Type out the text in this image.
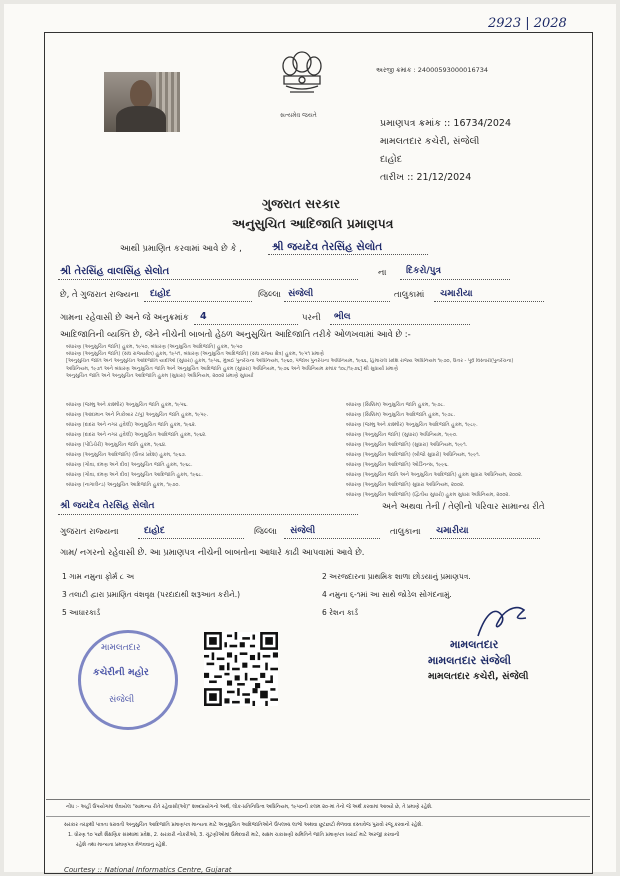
2923 | 2028
સત્યમેવ જયતે
અરજી ક્રમાંક : 24000593000016734
પ્રમાણપત્ર ક્રમાંક :: 16734/2024
મામલતદાર કચેરી, સંજેલી
દાહોદ
તારીખ :: 21/12/2024
ગુજરાત સરકાર
અનુસુચિત આદિજાતિ પ્રમાણપત્ર
આથી પ્રમાણિત કરવામાં આવે છે કે ,	શ્રી જયદેવ તેરસિંહ સેલોત
શ્રી તેરસિંહ વાલસિંહ સેલોત	ના દિકરો/પુત્ર
છે, તે ગુજરાત રાજ્યના દાહોદ	જિલ્લા સંજેલી	તાલુકામાં ચમારીયા
ગામના રહેવાસી છે અને જે અનુક્રમાંક 4	પરની ભીલ
આદિજાતિની વ્યક્તિ છે, જેને નીચેની બાબતો હેઠળ અનુસુચિત આદિજાતિ તરીકે ઓળખવામાં આવે છે :-
બંધારણ (અનુસુચિત જાતિ) હુકમ, ૧૯૫૦, બંધારણ (અનુસુચિત આદિજાતિ) હુકમ, ૧૯૫૦
બંધારણ (અનુસુચિત જાતિ) (સંઘ રાજ્યક્ષેત્ર) હુકમ, ૧૯૫૧, બંધારણ (અનુસુચિત આદિજાતિ) (સંઘ રાજ્ય ક્ષેત્ર) હુકમ, ૧૯૫૧ પ્રમાણે
[અનુસુચિત જાતિ અને અનુસુચિત આદિજાતિ યાદીઓ (સુધારા) હુકમ, ૧૯૫૬, મુંબઈ પુનર્રચના અધિનિયમ, ૧૯૬૦, પંજાબ પુનર્રચના અધિનિયમ, ૧૯૬૬, હિમાચલ પ્રદેશ રાજ્ય અધિનિયમ ૧૯૭૦, ઉત્તર - પૂર્વ વિસ્તારો(પુનર્રચના)
અધિનિયમ, ૧૯૭૧ અને બંધારણ અનુસુચિત જાતિ અને અનુસુચિત આદિજાતિ હુકમ (સુધારા) અધિનિયમ, ૧૯૭૬ અને અધિનિયમ ક્રમાંક ૧૦૮/૧૯૭૬] થી સુધાર્યા પ્રમાણે
અનુસુચિત જાતિ અને અનુસુચિત આદિજાતિ હુકમ (સુધારા) અધિનિયમ, ૨૦૦૨ પ્રમાણે સુધાર્યા
બંધારણ (જમ્મુ અને કાશ્મીર) અનુસુચિત જાતિ હુકમ, ૧૯૫૬.
બંધારણ (આંદામાન અને નિકોબાર ટાપુ) અનુસુચિત જાતિ હુકમ, ૧૯૫૯.
બંધારણ (દાદરા અને નગર હવેલી) અનુસુચિત જાતિ હુકમ, ૧૯૬૨.
બંધારણ (દાદરા અને નગર હવેલી) અનુસુચિત આદિજાતિ હુકમ, ૧૯૬૨.
બંધારણ (પોંડિચેરી) અનુસુચિત જાતિ હુકમ, ૧૯૬૪.
બંધારણ (અનુસુચિત આદિજાતિ) (ઉત્તર પ્રદેશ) હુકમ, ૧૯૬૭.
બંધારણ (ગોવા, દમણ અને દીવ) અનુસુચિત જાતિ હુકમ, ૧૯૬૮.
બંધારણ (ગોવા, દમણ અને દીવ) અનુસુચિત આદિજાતિ હુકમ, ૧૯૬૮.
બંધારણ (નાગાલેન્ડ) અનુસુચિત આદિજાતિ હુકમ, ૧૯૭૦.
બંધારણ (સિક્કિમ) અનુસુચિત જાતિ હુકમ, ૧૯૭૮.
બંધારણ (સિક્કિમ) અનુસુચિત આદિજાતિ હુકમ, ૧૯૭૮.
બંધારણ (જમ્મુ અને કાશ્મીર) અનુસુચિત આદિજાતિ હુકમ, ૧૯૮૯.
બંધારણ (અનુસુચિત જાતિ) (સુધારા) અધિનિયમ, ૧૯૯૦.
બંધારણ (અનુસુચિત આદિજાતિ) (સુધારા) અધિનિયમ, ૧૯૯૧.
બંધારણ (અનુસુચિત આદિજાતિ) (બીજો સુધારો) અધિનિયમ, ૧૯૯૧.
બંધારણ (અનુસુચિત આદિજાતિ) ઓર્ડિનન્સ, ૧૯૯૬.
બંધારણ (અનુસુચિત જાતિ અને અનુસુચિત આદિજાતિ) હુકમ સુધારા અધિનિયમ, ૨૦૦૨.
બંધારણ (અનુસુચિત આદિજાતિ) સુધારા અધિનિયમ, ૨૦૦૨.
બંધારણ (અનુસુચિત આદિજાતિ) (દ્વિતીય સુધારો) હુકમ સુધારા અધિનિયમ, ૨૦૦૨.
શ્રી જયદેવ તેરસિંહ સેલોત	અને અથવા તેની / તેણીનો પરિવાર સામાન્ય રીતે
ગુજરાત રાજ્યના	દાહોદ	જિલ્લા સંજેલી	તાલુકાના ચમારીયા
ગામ/ નગરનો રહેવાસી છે. આ પ્રમાણપત્ર નીચેની બાબતોના આધારે કાઢી આપવામાં આવે છે.
1 ગામ નમુના ફોર્મ ૮ અ	2 અરજદારના પ્રાથમિક શાળા છોડયાનું પ્રમાણપત્ર.
3 તલાટી દ્વારા પ્રમાણિત વંશવૃક્ષ (પરદાદાથી શરૂઆત કરીને.)	4 નમુના ૬-૧માં આ સાથે જોડેલ સોગંદનામું.
5 આધારકાર્ડ	6 રેશન કાર્ડ
મામલતદાર
કચેરીની મહોર
સંજેલી
મામલતદાર
મામલતદાર સંજેલી
મામલતદાર કચેરી, સંજેલી
નોંધ :- અહીં ઉપયોગમાં લેવાયેલ "સામાન્ય રીતે રહેવાસી(ઓ)" શબ્દપ્રયોગનો અર્થ, લોક-પ્રતિનિધિત્વ અધિનિયમ, ૧૯૫૦ની કલમ ૨૦-માં તેનો જે અર્થ કરવામાં આવ્યો છે, તે પ્રમાણે રહેશે.
સરકાર તરફથી પાત્રતા ધરાવતી અનુસુચિત આદિજાતિ પ્રમાણપત્ર માન્યતા માટે અનુસુચિત આદિજાતિઓને ઉપલબ્ધ લાભો અથવા છૂટછાટો મેળવવા દસ્તાવેજ પુરાવો રજૂ કરવાનો રહેશે.
1. ધોરણ ૧૦ પછી શૈક્ષણિક સંસ્થામાં પ્રવેશ, 2. સરકારી નોકરીઓ, 3. ચૂંટણીઓમાં ઉમેદવારી માટે, સક્ષમ ચકાસણી સમિતિને જાતિ પ્રમાણપત્ર ખરાઈ માટે અરજી કરવાની
રહેશે તથા માન્યતા પ્રમાણપત્ર મેળવવાનું રહેશે.
Courtesy :: National Informatics Centre, Gujarat
